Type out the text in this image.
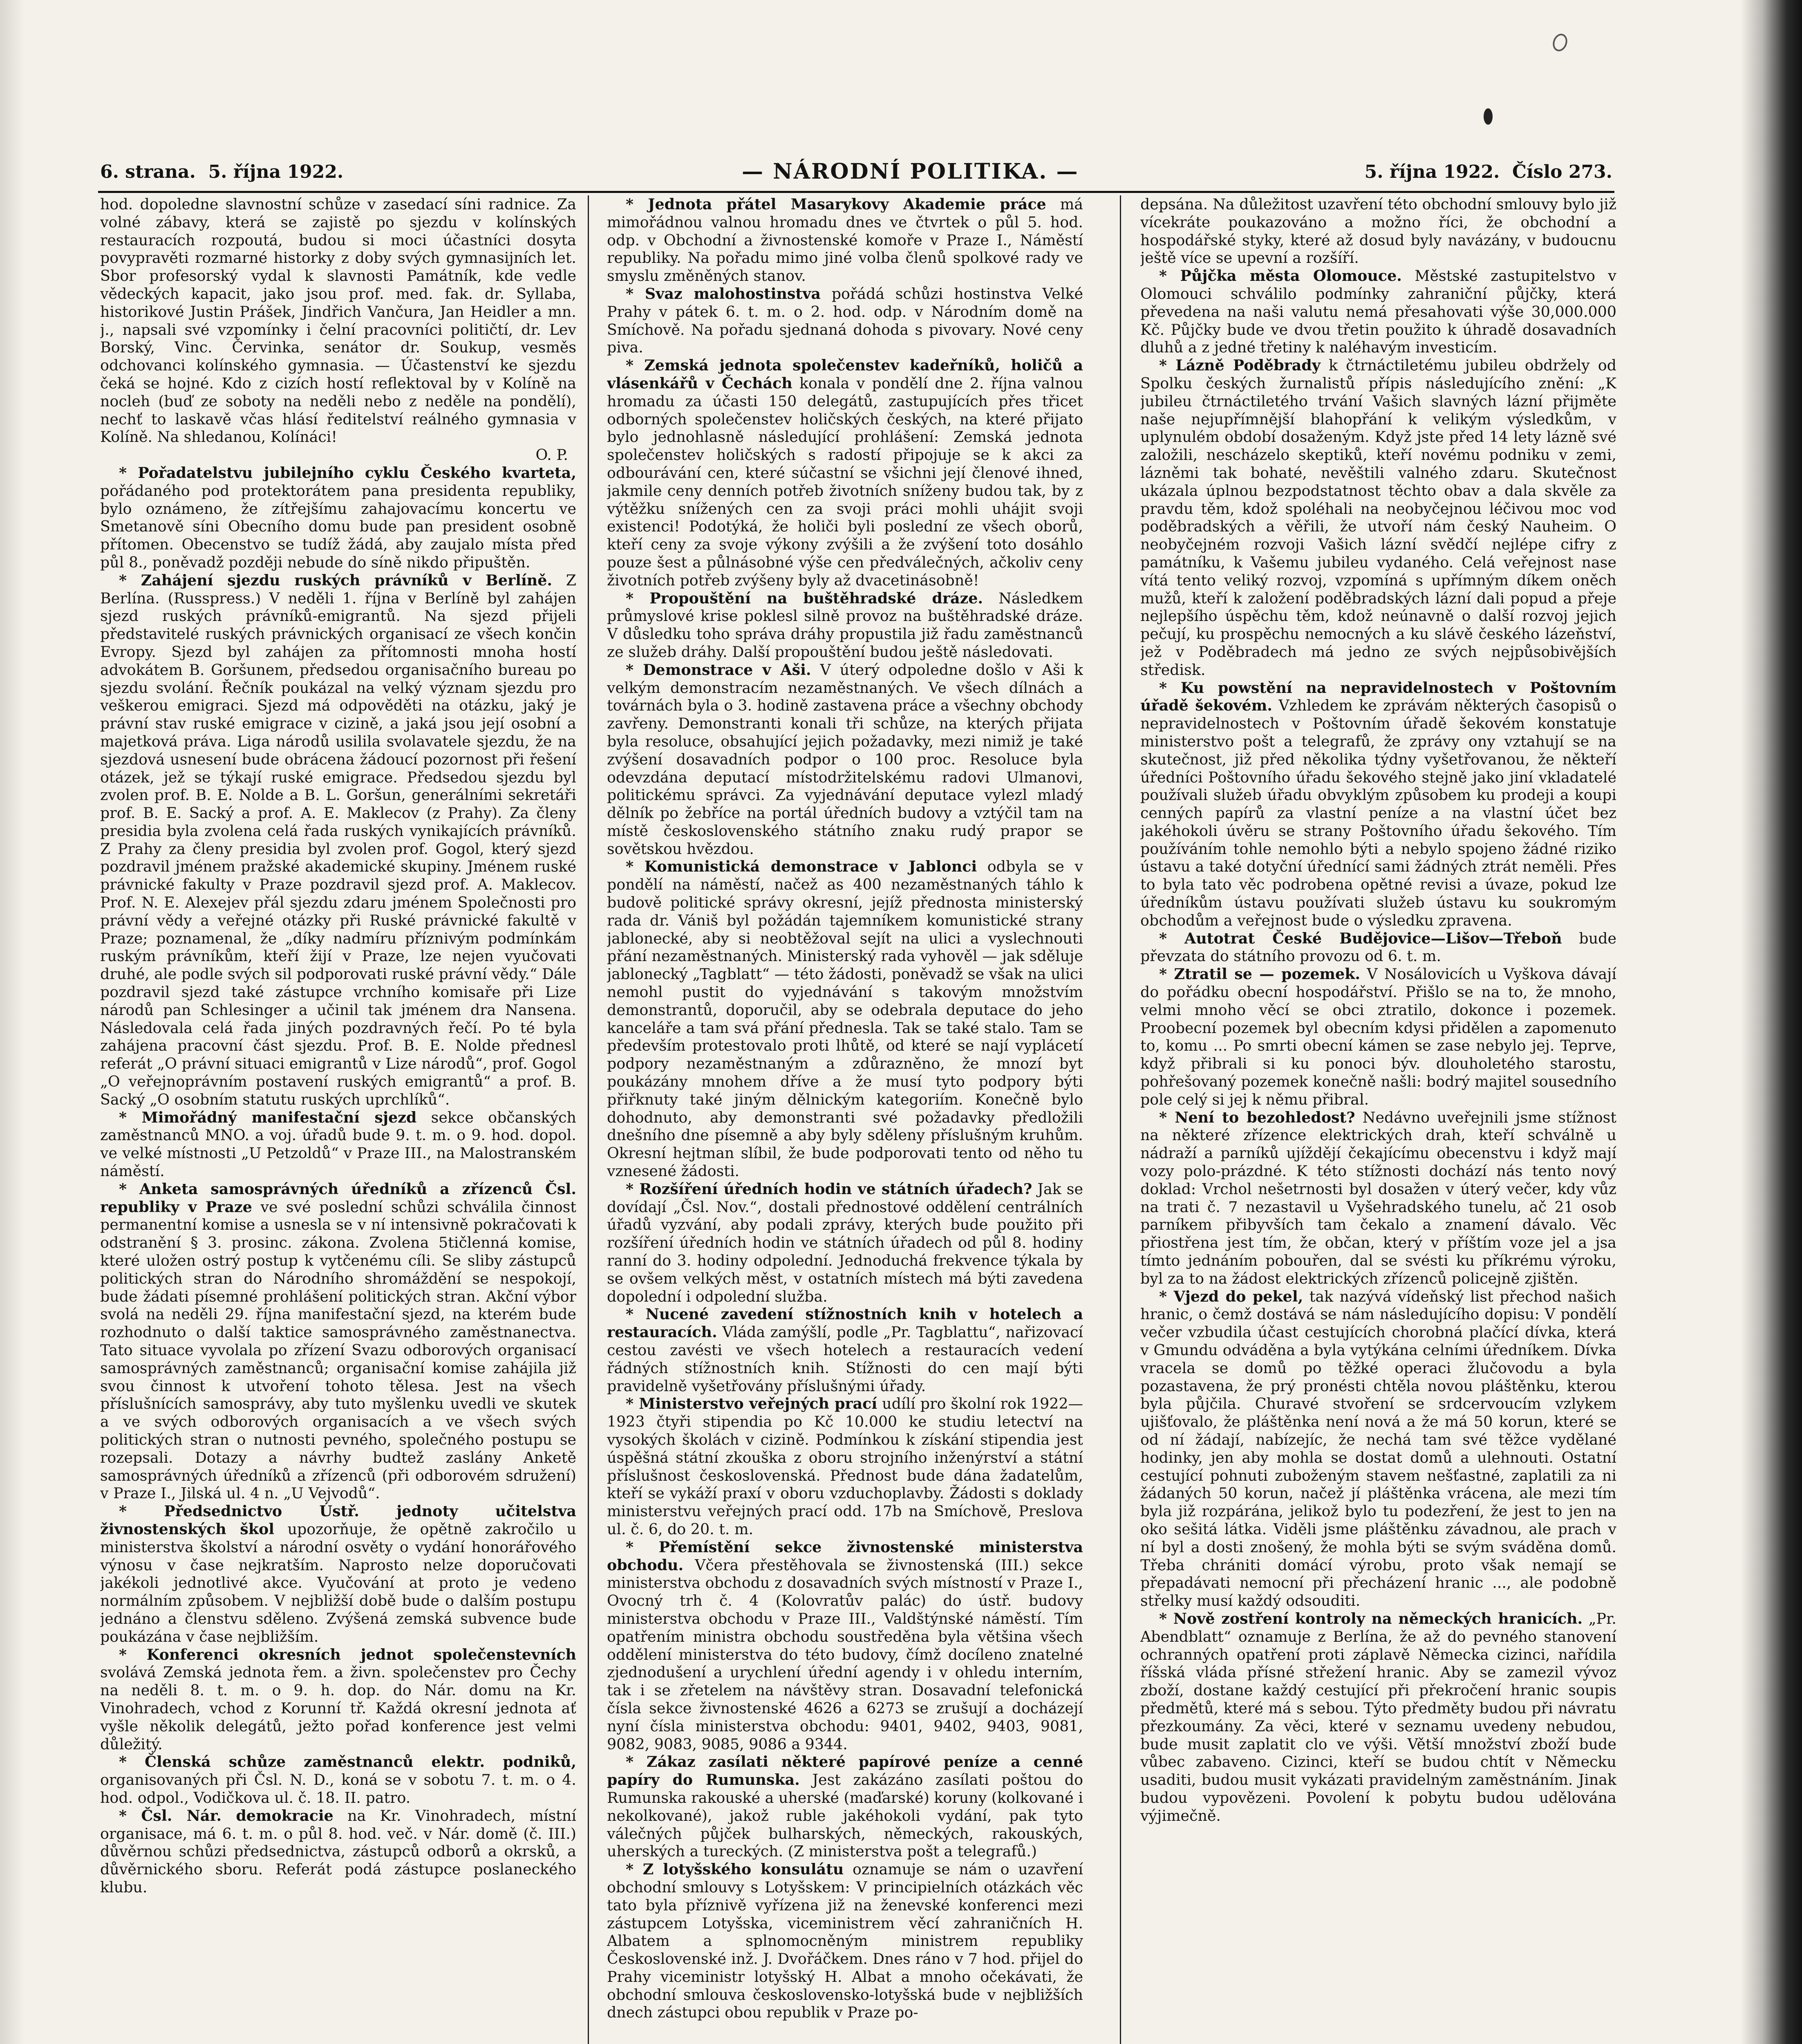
6. strana. 5. října 1922.	— NÁRODNÍ POLITIKA. —	5. října 1922. Číslo 273.

hod. dopoledne slavnostní schůze v zasedací síni radnice. Za volné zábavy, která se zajistě po sjezdu v kolínských restauracích rozpoutá, budou si moci účastníci dosyta povypravěti rozmarné historky z doby svých gymnasijních let. Sbor profesorský vydal k slavnosti Památník, kde vedle vědeckých kapacit, jako jsou prof. med. fak. dr. Syllaba, historikové Justin Prášek, Jindřich Vančura, Jan Heidler a mn. j., napsali své vzpomínky i čelní pracovníci političtí, dr. Lev Borský, Vinc. Červinka, senátor dr. Soukup, vesměs odchovanci kolínského gymnasia. — Účastenství ke sjezdu čeká se hojné. Kdo z cizích hostí reflektoval by v Kolíně na nocleh (buď ze soboty na neděli nebo z neděle na pondělí), nechť to laskavě včas hlásí ředitelství reálného gymnasia v Kolíně. Na shledanou, Kolínáci!

O. P.

* Pořadatelstvu jubilejního cyklu Českého kvarteta, pořádaného pod protektorátem pana presidenta republiky, bylo oznámeno, že zítřejšímu zahajovacímu koncertu ve Smetanově síni Obecního domu bude pan president osobně přítomen. Obecenstvo se tudíž žádá, aby zaujalo místa před půl 8., poněvadž později nebude do síně nikdo připuštěn.

* Zahájení sjezdu ruských právníků v Berlíně. Z Berlína. (Russpress.) V neděli 1. října v Berlíně byl zahájen sjezd ruských právníků-emigrantů. Na sjezd přijeli představitelé ruských právnických organisací ze všech končin Evropy. Sjezd byl zahájen za přítomnosti mnoha hostí advokátem B. Goršunem, předsedou organisačního bureau po sjezdu svolání. Řečník poukázal na velký význam sjezdu pro veškerou emigraci. Sjezd má odpověděti na otázku, jaký je právní stav ruské emigrace v cizině, a jaká jsou její osobní a majetková práva. Liga národů usilila svolavatele sjezdu, že na sjezdová usnesení bude obrácena žádoucí pozornost při řešení otázek, jež se týkají ruské emigrace. Předsedou sjezdu byl zvolen prof. B. E. Nolde a B. L. Goršun, generálními sekretáři prof. B. E. Sacký a prof. A. E. Maklecov (z Prahy). Za členy presidia byla zvolena celá řada ruských vynikajících právníků. Z Prahy za členy presidia byl zvolen prof. Gogol, který sjezd pozdravil jménem pražské akademické skupiny. Jménem ruské právnické fakulty v Praze pozdravil sjezd prof. A. Maklecov. Prof. N. E. Alexejev přál sjezdu zdaru jménem Společnosti pro právní vědy a veřejné otázky při Ruské právnické fakultě v Praze; poznamenal, že „díky nadmíru příznivým podmínkám ruským právníkům, kteří žijí v Praze, lze nejen vyučovati druhé, ale podle svých sil podporovati ruské právní vědy.“ Dále pozdravil sjezd také zástupce vrchního komisaře při Lize národů pan Schlesinger a učinil tak jménem dra Nansena. Následovala celá řada jiných pozdravných řečí. Po té byla zahájena pracovní část sjezdu. Prof. B. E. Nolde přednesl referát „O právní situaci emigrantů v Lize národů“, prof. Gogol „O veřejnoprávním postavení ruských emigrantů“ a prof. B. Sacký „O osobním statutu ruských uprchlíků“.

* Mimořádný manifestační sjezd sekce občanských zaměstnanců MNO. a voj. úřadů bude 9. t. m. o 9. hod. dopol. ve velké místnosti „U Petzoldů“ v Praze III., na Malostranském náměstí.

* Anketa samosprávných úředníků a zřízenců Čsl. republiky v Praze ve své poslední schůzi schválila činnost permanentní komise a usnesla se v ní intensivně pokračovati k odstranění § 3. prosinc. zákona. Zvolena 5tičlenná komise, které uložen ostrý postup k vytčenému cíli. Se sliby zástupců politických stran do Národního shromáždění se nespokojí, bude žádati písemné prohlášení politických stran. Akční výbor svolá na neděli 29. října manifestační sjezd, na kterém bude rozhodnuto o další taktice samosprávného zaměstnanectva. Tato situace vyvolala po zřízení Svazu odborových organisací samosprávných zaměstnanců; organisační komise zahájila již svou činnost k utvoření tohoto tělesa. Jest na všech příslušnících samosprávy, aby tuto myšlenku uvedli ve skutek a ve svých odborových organisacích a ve všech svých politických stran o nutnosti pevného, společného postupu se rozepsali. Dotazy a návrhy budtež zaslány Anketě samosprávných úředníků a zřízenců (při odborovém sdružení) v Praze I., Jilská ul. 4 n. „U Vejvodů“.

* Předsednictvo Ústř. jednoty učitelstva živnostenských škol upozorňuje, že opětně zakročilo u ministerstva školství a národní osvěty o vydání honorářového výnosu v čase nejkratším. Naprosto nelze doporučovati jakékoli jednotlivé akce. Vyučování at proto je vedeno normálním způsobem. V nejbližší době bude o dalším postupu jednáno a členstvu sděleno. Zvýšená zemská subvence bude poukázána v čase nejbližším.

* Konferenci okresních jednot společenstevních svolává Zemská jednota řem. a živn. společenstev pro Čechy na neděli 8. t. m. o 9. h. dop. do Nár. domu na Kr. Vinohradech, vchod z Korunní tř. Každá okresní jednota ať vyšle několik delegátů, ježto pořad konference jest velmi důležitý.

* Členská schůze zaměstnanců elektr. podniků, organisovaných při Čsl. N. D., koná se v sobotu 7. t. m. o 4. hod. odpol., Vodičkova ul. č. 18. II. patro.

* Čsl. Nár. demokracie na Kr. Vinohradech, místní organisace, má 6. t. m. o půl 8. hod. več. v Nár. domě (č. III.) důvěrnou schůzi předsednictva, zástupců odborů a okrsků, a důvěrnického sboru. Referát podá zástupce poslaneckého klubu.

* Jednota přátel Masarykovy Akademie práce má mimořádnou valnou hromadu dnes ve čtvrtek o půl 5. hod. odp. v Obchodní a živnostenské komoře v Praze I., Náměstí republiky. Na pořadu mimo jiné volba členů spolkové rady ve smyslu změněných stanov.

* Svaz malohostinstva pořádá schůzi hostinstva Velké Prahy v pátek 6. t. m. o 2. hod. odp. v Národním domě na Smíchově. Na pořadu sjednaná dohoda s pivovary. Nové ceny piva.

* Zemská jednota společenstev kadeřníků, holičů a vlásenkářů v Čechách konala v pondělí dne 2. října valnou hromadu za účasti 150 delegátů, zastupujících přes třicet odborných společenstev holičských českých, na které přijato bylo jednohlasně následující prohlášení: Zemská jednota společenstev holičských s radostí připojuje se k akci za odbourávání cen, které súčastní se všichni její členové ihned, jakmile ceny denních potřeb životních sníženy budou tak, by z výtěžku snížených cen za svoji práci mohli uhájit svoji existenci! Podotýká, že holiči byli poslední ze všech oborů, kteří ceny za svoje výkony zvýšili a že zvýšení toto dosáhlo pouze šest a půlnásobné výše cen předválečných, ačkoliv ceny životních potřeb zvýšeny byly až dvacetinásobně!

* Propouštění na buštěhradské dráze. Následkem průmyslové krise poklesl silně provoz na buštěhradské dráze. V důsledku toho správa dráhy propustila již řadu zaměstnanců ze služeb dráhy. Další propouštění budou ještě následovati.

* Demonstrace v Aši. V úterý odpoledne došlo v Aši k velkým demonstracím nezaměstnaných. Ve všech dílnách a továrnách byla o 3. hodině zastavena práce a všechny obchody zavřeny. Demonstranti konali tři schůze, na kterých přijata byla resoluce, obsahující jejich požadavky, mezi nimiž je také zvýšení dosavadních podpor o 100 proc. Resoluce byla odevzdána deputací místodržitelskému radovi Ulmanovi, politickému správci. Za vyjednávání deputace vylezl mladý dělník po žebříce na portál úředních budovy a vztýčil tam na místě československého státního znaku rudý prapor se sovětskou hvězdou.

* Komunistická demonstrace v Jablonci odbyla se v pondělí na náměstí, načež as 400 nezaměstnaných táhlo k budově politické správy okresní, jejíž přednosta ministerský rada dr. Vániš byl požádán tajemníkem komunistické strany jablonecké, aby si neobtěžoval sejít na ulici a vyslechnouti přání nezaměstnaných. Ministerský rada vyhověl — jak sděluje jablonecký „Tagblatt“ — této žádosti, poněvadž se však na ulici nemohl pustit do vyjednávání s takovým množstvím demonstrantů, doporučil, aby se odebrala deputace do jeho kanceláře a tam svá přání přednesla. Tak se také stalo. Tam se především protestovalo proti lhůtě, od které se nají vyplácetí podpory nezaměstnaným a zdůrazněno, že mnozí byt poukázány mnohem dříve a že musí tyto podpory býti přiřknuty také jiným dělnickým kategoriím. Konečně bylo dohodnuto, aby demonstranti své požadavky předložili dnešního dne písemně a aby byly sděleny příslušným kruhům. Okresní hejtman slíbil, že bude podporovati tento od něho tu vznesené žádosti.

* Rozšíření úředních hodin ve státních úřadech? Jak se dovídají „Čsl. Nov.“, dostali přednostové oddělení centrálních úřadů vyzvání, aby podali zprávy, kterých bude použito při rozšíření úředních hodin ve státních úřadech od půl 8. hodiny ranní do 3. hodiny odpolední. Jednoduchá frekvence týkala by se ovšem velkých měst, v ostatních místech má býti zavedena dopolední i odpolední služba.

* Nucené zavedení stížnostních knih v hotelech a restauracích. Vláda zamýšlí, podle „Pr. Tagblattu“, nařizovací cestou zavésti ve všech hotelech a restauracích vedení řádných stížnostních knih. Stížnosti do cen mají býti pravidelně vyšetřovány příslušnými úřady.

* Ministerstvo veřejných prací udílí pro školní rok 1922—1923 čtyři stipendia po Kč 10.000 ke studiu letectví na vysokých školách v cizině. Podmínkou k získání stipendia jest úspěšná státní zkouška z oboru strojního inženýrství a státní příslušnost československá. Přednost bude dána žadatelům, kteří se vykáží praxí v oboru vzduchoplavby. Žádosti s doklady ministerstvu veřejných prací odd. 17b na Smíchově, Preslova ul. č. 6, do 20. t. m.

* Přemístění sekce živnostenské ministerstva obchodu. Včera přestěhovala se živnostenská (III.) sekce ministerstva obchodu z dosavadních svých místností v Praze I., Ovocný trh č. 4 (Kolovratův palác) do ústř. budovy ministerstva obchodu v Praze III., Valdštýnské náměstí. Tím opatřením ministra obchodu soustředěna byla většina všech oddělení ministerstva do této budovy, čímž docíleno znatelné zjednodušení a urychlení úřední agendy i v ohledu interním, tak i se zřetelem na návštěvy stran. Dosavadní telefonická čísla sekce živnostenské 4626 a 6273 se zrušují a docházejí nyní čísla ministerstva obchodu: 9401, 9402, 9403, 9081, 9082, 9083, 9085, 9086 a 9344.

* Zákaz zasílati některé papírové peníze a cenné papíry do Rumunska. Jest zakázáno zasílati poštou do Rumunska rakouské a uherské (maďarské) koruny (kolkované i nekolkované), jakož ruble jakéhokoli vydání, pak tyto válečných půjček bulharských, německých, rakouských, uherských a tureckých. (Z ministerstva pošt a telegrafů.)

* Z lotyšského konsulátu oznamuje se nám o uzavření obchodní smlouvy s Lotyšskem: V principielních otázkách věc tato byla příznivě vyřízena již na ženevské konferenci mezi zástupcem Lotyšska, viceministrem věcí zahraničních H. Albatem a splnomocněným ministrem republiky Československé inž. J. Dvořáčkem. Dnes ráno v 7 hod. přijel do Prahy viceministr lotyšský H. Albat a mnoho očekávati, že obchodní smlouva československo-lotyšská bude v nejbližších dnech zástupci obou republik v Praze po-

depsána. Na důležitost uzavření této obchodní smlouvy bylo již vícekráte poukazováno a možno říci, že obchodní a hospodářské styky, které až dosud byly navázány, v budoucnu ještě více se upevní a rozšíří.

* Půjčka města Olomouce. Městské zastupitelstvo v Olomouci schválilo podmínky zahraniční půjčky, která převedena na naši valutu nemá přesahovati výše 30,000.000 Kč. Půjčky bude ve dvou třetin použito k úhradě dosavadních dluhů a z jedné třetiny k naléhavým investicím.

* Lázně Poděbrady k čtrnáctiletému jubileu obdržely od Spolku českých žurnalistů přípis následujícího znění: „K jubileu čtrnáctiletého trvání Vašich slavných lázní přijměte naše nejupřímnější blahopřání k velikým výsledkům, v uplynulém období dosaženým. Když jste před 14 lety lázně své založili, nescházelo skeptiků, kteří novému podniku v zemi, lázněmi tak bohaté, nevěštili valného zdaru. Skutečnost ukázala úplnou bezpodstatnost těchto obav a dala skvěle za pravdu těm, kdož spoléhali na neobyčejnou léčivou moc vod poděbradských a věřili, že utvoří nám český Nauheim. O neobyčejném rozvoji Vašich lázní svědčí nejlépe cifry z památníku, k Vašemu jubileu vydaného. Celá veřejnost nase vítá tento veliký rozvoj, vzpomíná s upřímným díkem oněch mužů, kteří k založení poděbradských lázní dali popud a přeje nejlepšího úspěchu těm, kdož neúnavně o další rozvoj jejich pečují, ku prospěchu nemocných a ku slávě českého lázeňství, jež v Poděbradech má jedno ze svých nejpůsobivějších středisk.

* Ku powstění na nepravidelnostech v Poštovním úřadě šekovém. Vzhledem ke zprávám některých časopisů o nepravidelnostech v Poštovním úřadě šekovém konstatuje ministerstvo pošt a telegrafů, že zprávy ony vztahují se na skutečnost, již před několika týdny vyšetřovanou, že někteří úředníci Poštovního úřadu šekového stejně jako jiní vkladatelé používali služeb úřadu obvyklým způsobem ku prodeji a koupi cenných papírů za vlastní peníze a na vlastní účet bez jakéhokoli úvěru se strany Poštovního úřadu šekového. Tím používáním tohle nemohlo býti a nebylo spojeno žádné riziko ústavu a také dotyční úřednící sami žádných ztrát neměli. Přes to byla tato věc podrobena opětné revisi a úvaze, pokud lze úředníkům ústavu používati služeb ústavu ku soukromým obchodům a veřejnost bude o výsledku zpravena.

* Autotrat České Budějovice—Lišov—Třeboň bude převzata do státního provozu od 6. t. m.

* Ztratil se — pozemek. V Nosálovicích u Vyškova dávají do pořádku obecní hospodářství. Přišlo se na to, že mnoho, velmi mnoho věcí se obci ztratilo, dokonce i pozemek. Proobecní pozemek byl obecním kdysi přidělen a zapomenuto to, komu ... Po smrti obecní kámen se zase nebylo jej. Teprve, když přibrali si ku ponoci býv. dlouholetého starostu, pohřešovaný pozemek konečně našli: bodrý majitel sousedního pole celý si jej k němu přibral.

* Není to bezohledost? Nedávno uveřejnili jsme stížnost na některé zřízence elektrických drah, kteří schválně u nádraží a parníků ujíždějí čekajícímu obecenstvu i když mají vozy polo-prázdné. K této stížnosti dochází nás tento nový doklad: Vrchol nešetrnosti byl dosažen v úterý večer, kdy vůz na trati č. 7 nezastavil u Vyšehradského tunelu, ač 21 osob parníkem přibyvších tam čekalo a znamení dávalo. Věc přiostřena jest tím, že občan, který v příštím voze jel a jsa tímto jednáním pobouřen, dal se svésti ku příkrému výroku, byl za to na žádost elektrických zřízenců policejně zjištěn.

* Vjezd do pekel, tak nazývá vídeňský list přechod našich hranic, o čemž dostává se nám následujícího dopisu: V pondělí večer vzbudila účast cestujících chorobná plačící dívka, která v Gmundu odváděna a byla vytýkána celními úředníkem. Dívka vracela se domů po těžké operaci žlučovodu a byla pozastavena, že prý pronésti chtěla novou pláštěnku, kterou byla půjčila. Churavé stvoření se srdcervoucím vzlykem ujišťovalo, že pláštěnka není nová a že má 50 korun, které se od ní žádají, nabízejíc, že nechá tam své těžce vydělané hodinky, jen aby mohla se dostat domů a ulehnouti. Ostatní cestující pohnuti zuboženým stavem nešťastné, zaplatili za ni žádaných 50 korun, načež jí pláštěnka vrácena, ale mezi tím byla již rozpárána, jelikož bylo tu podezření, že jest to jen na oko sešitá látka. Viděli jsme pláštěnku závadnou, ale prach v ní byl a dosti znošený, že mohla býti se svým sváděna domů. Třeba chrániti domácí výrobu, proto však nemají se přepadávati nemocní při přecházení hranic ..., ale podobně střelky musí každý odsouditi.

* Nově zostření kontroly na německých hranicích. „Pr. Abendblatt“ oznamuje z Berlína, že až do pevného stanovení ochranných opatření proti záplavě Německa cizinci, nařídila říšská vláda přísné střežení hranic. Aby se zamezil vývoz zboží, dostane každý cestující při překročení hranic soupis předmětů, které má s sebou. Týto předměty budou při návratu přezkoumány. Za věci, které v seznamu uvedeny nebudou, bude musit zaplatit clo ve výši. Větší množství zboží bude vůbec zabaveno. Cizinci, kteří se budou chtít v Německu usaditi, budou musit vykázati pravidelným zaměstnáním. Jinak budou vypovězeni. Povolení k pobytu budou udělována výjimečně.
